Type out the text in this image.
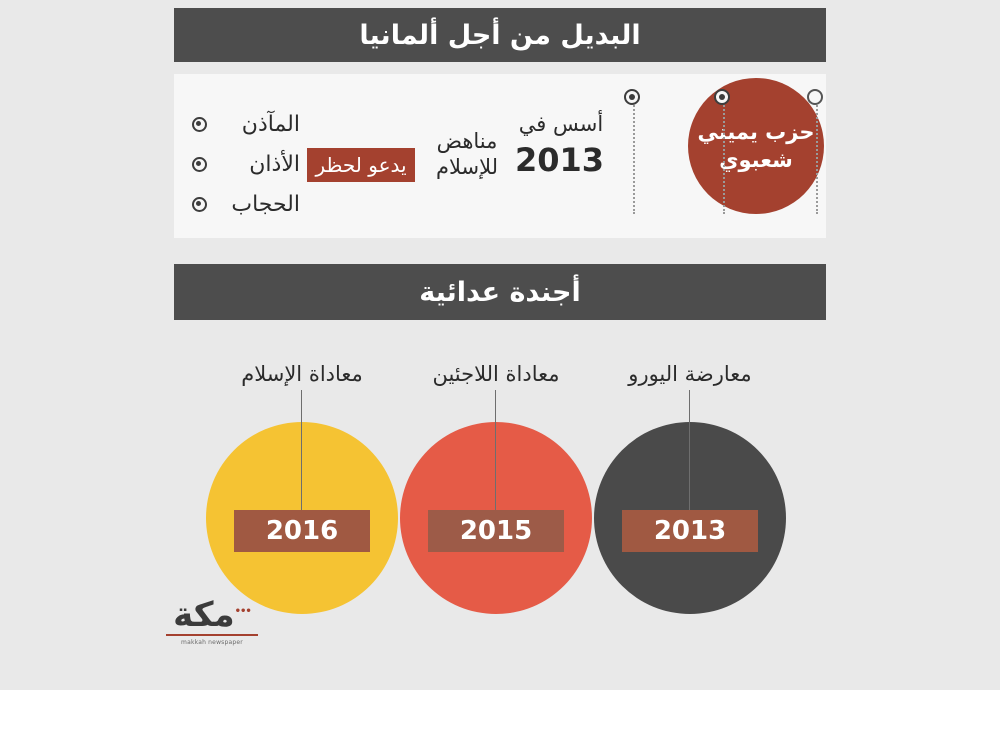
البديل من أجل ألمانيا
حزب يميني
شعبوي
أسس في
2013
مناهض
للإسلام
يدعو لحظر
المآذن
الأذان
الحجاب
أجندة عدائية
معاداة الإسلام	معاداة اللاجئين	معارضة اليورو
2016	2015	2013
•••مكة
makkah newspaper
